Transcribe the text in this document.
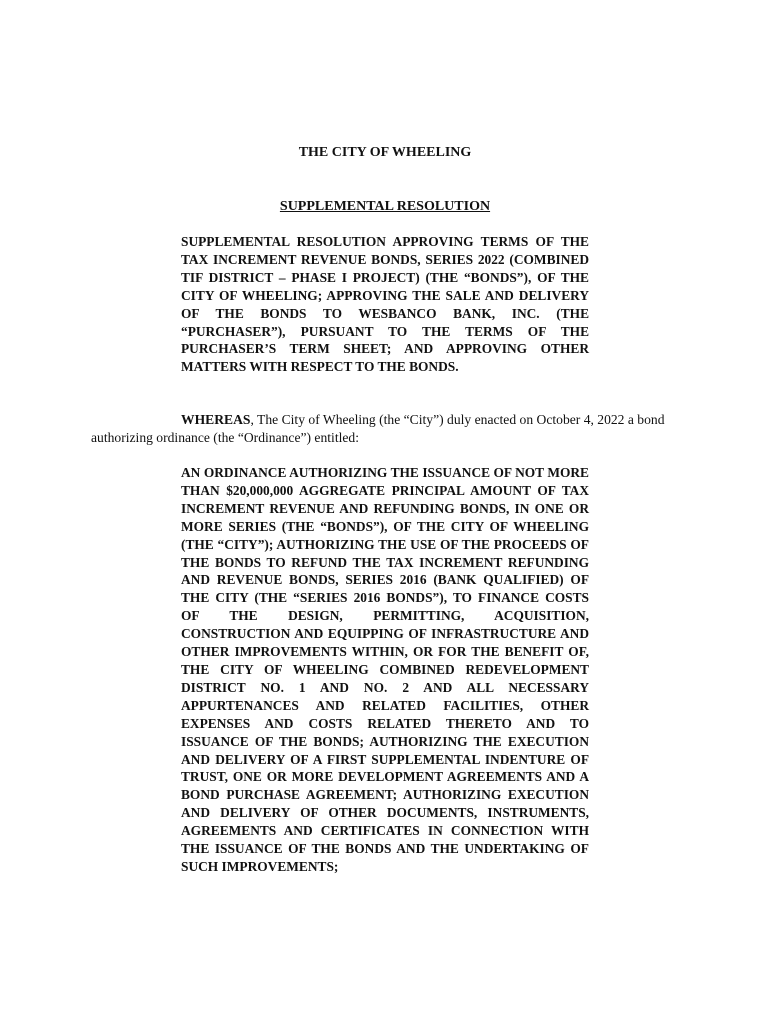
THE CITY OF WHEELING

SUPPLEMENTAL RESOLUTION

SUPPLEMENTAL RESOLUTION APPROVING TERMS OF THE TAX INCREMENT REVENUE BONDS, SERIES 2022 (COMBINED TIF DISTRICT – PHASE I PROJECT) (THE “BONDS”), OF THE CITY OF WHEELING; APPROVING THE SALE AND DELIVERY OF THE BONDS TO WESBANCO BANK, INC. (THE “PURCHASER”), PURSUANT TO THE TERMS OF THE PURCHASER’S TERM SHEET; AND APPROVING OTHER MATTERS WITH RESPECT TO THE BONDS.

WHEREAS, The City of Wheeling (the “City”) duly enacted on October 4, 2022 a bond authorizing ordinance (the “Ordinance”) entitled:

AN ORDINANCE AUTHORIZING THE ISSUANCE OF NOT MORE THAN $20,000,000 AGGREGATE PRINCIPAL AMOUNT OF TAX INCREMENT REVENUE AND REFUNDING BONDS, IN ONE OR MORE SERIES (THE “BONDS”), OF THE CITY OF WHEELING (THE “CITY”); AUTHORIZING THE USE OF THE PROCEEDS OF THE BONDS TO REFUND THE TAX INCREMENT REFUNDING AND REVENUE BONDS, SERIES 2016 (BANK QUALIFIED) OF THE CITY (THE “SERIES 2016 BONDS”), TO FINANCE COSTS OF THE DESIGN, PERMITTING, ACQUISITION, CONSTRUCTION AND EQUIPPING OF INFRASTRUCTURE AND OTHER IMPROVEMENTS WITHIN, OR FOR THE BENEFIT OF, THE CITY OF WHEELING COMBINED REDEVELOPMENT DISTRICT NO. 1 AND NO. 2 AND ALL NECESSARY APPURTENANCES AND RELATED FACILITIES, OTHER EXPENSES AND COSTS RELATED THERETO AND TO ISSUANCE OF THE BONDS; AUTHORIZING THE EXECUTION AND DELIVERY OF A FIRST SUPPLEMENTAL INDENTURE OF TRUST, ONE OR MORE DEVELOPMENT AGREEMENTS AND A BOND PURCHASE AGREEMENT; AUTHORIZING EXECUTION AND DELIVERY OF OTHER DOCUMENTS, INSTRUMENTS, AGREEMENTS AND CERTIFICATES IN CONNECTION WITH THE ISSUANCE OF THE BONDS AND THE UNDERTAKING OF SUCH IMPROVEMENTS;
